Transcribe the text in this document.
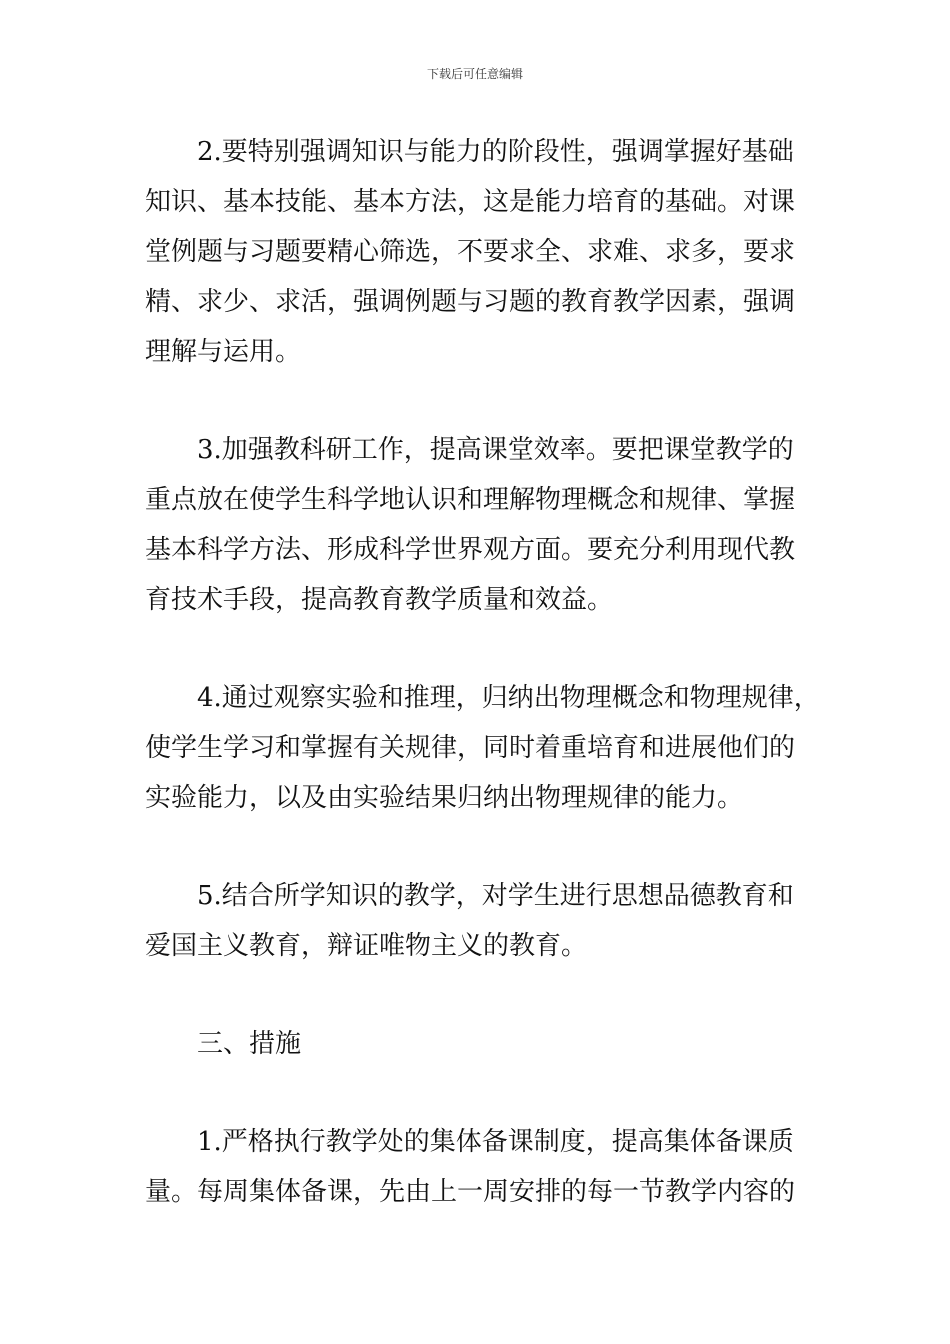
下载后可任意编辑
2.要特别强调知识与能力的阶段性，强调掌握好基础
知识、基本技能、基本方法，这是能力培育的基础。对课
堂例题与习题要精心筛选，不要求全、求难、求多，要求
精、求少、求活，强调例题与习题的教育教学因素，强调
理解与运用。
3.加强教科研工作，提高课堂效率。要把课堂教学的
重点放在使学生科学地认识和理解物理概念和规律、掌握
基本科学方法、形成科学世界观方面。要充分利用现代教
育技术手段，提高教育教学质量和效益。
4.通过观察实验和推理，归纳出物理概念和物理规律，
使学生学习和掌握有关规律，同时着重培育和进展他们的
实验能力，以及由实验结果归纳出物理规律的能力。
5.结合所学知识的教学，对学生进行思想品德教育和
爱国主义教育，辩证唯物主义的教育。
三、措施
1.严格执行教学处的集体备课制度，提高集体备课质
量。每周集体备课，先由上一周安排的每一节教学内容的
